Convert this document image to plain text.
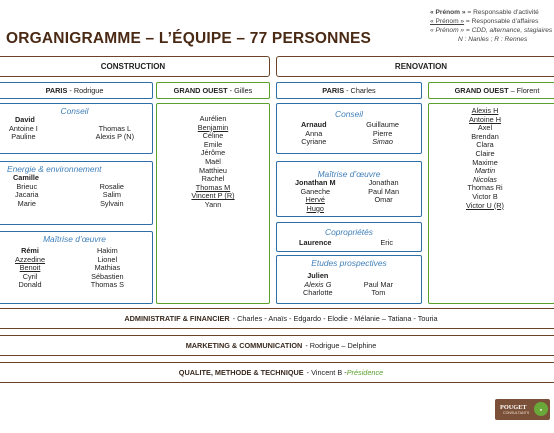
ORGANIGRAMME – L’ÉQUIPE – 77 PERSONNES
« Prénom » = Responsable d'activité
« Prénom » = Responsable d'affaires
« Prénom » = CDD, alternance, stagiaires
N : Nanles ; R : Rennes
CONSTRUCTION	RENOVATION
PARIS - Rodrigue
Conseil
David
Antoine I
Pauline
Thomas L
Alexis P (N)
Energie & environnement
Camille
Brieuc
Jacaria
Marie
Rosalie
Salim
Sylvain
Maîtrise d’œuvre
Rémi
Azzedine
Benoit
Cyril
Donald
Hakim
Lionel
Mathias
Sébastien
Thomas S
GRAND OUEST - Gilles
Aurélien
Benjamin
Céline
Emile
Jérôme
Maël
Matthieu
Rachel
Thomas M
Vincent P (R)
Yann
PARIS - Charles
Conseil
Arnaud
Anna
Cyriane
Guillaume
Pierre
Simao
Maîtrise d’œuvre
Jonathan M
Ganeche
Hervé
Hugo
Jonathan
Paul Man
Omar
Copropriétés
Laurence	Eric
Etudes prospectives
Julien
Alexis G
Charlotte
Paul Mar
Tom
GRAND OUEST – Florent
Alexis H
Antoine H
Axel
Brendan
Clara
Claire
Maxime
Martin
Nicolas
Thomas Ri
Victor B
Victor U (R)
ADMINISTRATIF & FINANCIER - Charles - Anaïs - Edgardo - Elodie - Mélanie – Tatiana - Touria
MARKETING & COMMUNICATION - Rodrigue – Delphine
QUALITE, METHODE & TECHNIQUE - Vincent B - Présidence
POUGET
CONSULTANTS
●
